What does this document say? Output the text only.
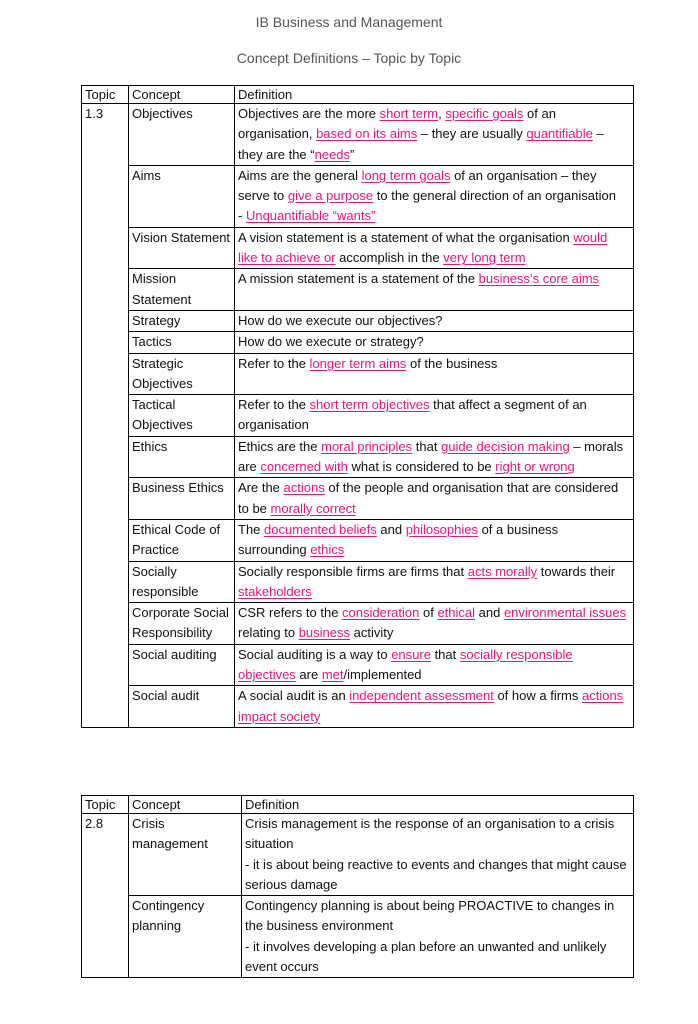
IB Business and Management
Concept Definitions – Topic by Topic
Topic	Concept	Definition
1.3	Objectives	Objectives are the more short term, specific goals of an organisation, based on its aims – they are usually quantifiable – they are the “needs”
	Aims	Aims are the general long term goals of an organisation – they serve to give a purpose to the general direction of an organisation
- Unquantifiable “wants”
	Vision Statement	A vision statement is a statement of what the organisation would like to achieve or accomplish in the very long term
	Mission Statement	A mission statement is a statement of the business’s core aims
	Strategy	How do we execute our objectives?
	Tactics	How do we execute or strategy?
	Strategic Objectives	Refer to the longer term aims of the business
	Tactical Objectives	Refer to the short term objectives that affect a segment of an organisation
	Ethics	Ethics are the moral principles that guide decision making – morals are concerned with what is considered to be right or wrong
	Business Ethics	Are the actions of the people and organisation that are considered to be morally correct
	Ethical Code of Practice	The documented beliefs and philosophies of a business surrounding ethics
	Socially responsible	Socially responsible firms are firms that acts morally towards their stakeholders
	Corporate Social Responsibility	CSR refers to the consideration of ethical and environmental issues relating to business activity
	Social auditing	Social auditing is a way to ensure that socially responsible objectives are met/implemented
	Social audit	A social audit is an independent assessment of how a firms actions impact society
Topic	Concept	Definition
2.8	Crisis management	Crisis management is the response of an organisation to a crisis situation
- it is about being reactive to events and changes that might cause serious damage
	Contingency planning	Contingency planning is about being PROACTIVE to changes in the business environment
- it involves developing a plan before an unwanted and unlikely event occurs
